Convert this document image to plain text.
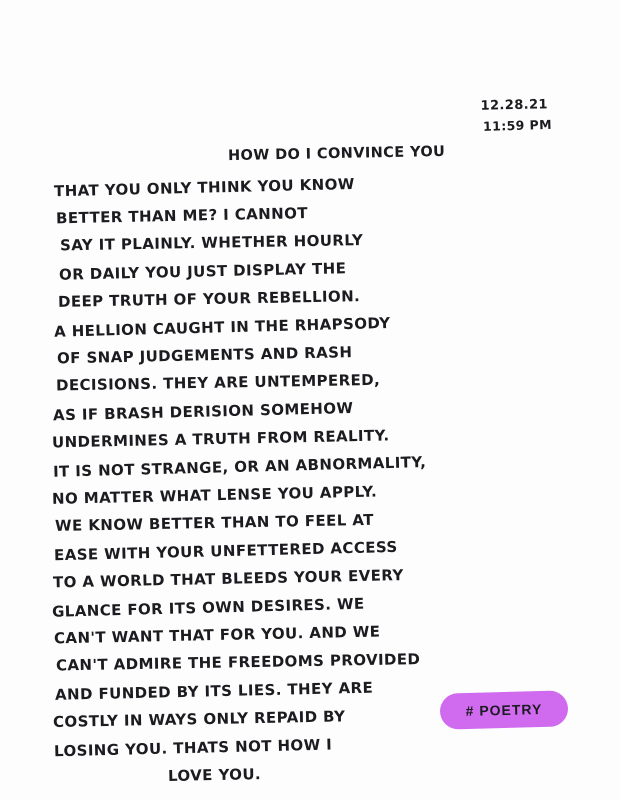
12.28.21
11:59 PM
HOW DO I CONVINCE YOU
THAT YOU ONLY THINK YOU KNOW
BETTER THAN ME? I CANNOT
SAY IT PLAINLY. WHETHER HOURLY
OR DAILY YOU JUST DISPLAY THE
DEEP TRUTH OF YOUR REBELLION.
A HELLION CAUGHT IN THE RHAPSODY
OF SNAP JUDGEMENTS AND RASH
DECISIONS. THEY ARE UNTEMPERED,
AS IF BRASH DERISION SOMEHOW
UNDERMINES A TRUTH FROM REALITY.
IT IS NOT STRANGE, OR AN ABNORMALITY,
NO MATTER WHAT LENSE YOU APPLY.
WE KNOW BETTER THAN TO FEEL AT
EASE WITH YOUR UNFETTERED ACCESS
TO A WORLD THAT BLEEDS YOUR EVERY
GLANCE FOR ITS OWN DESIRES. WE
CAN'T WANT THAT FOR YOU. AND WE
CAN'T ADMIRE THE FREEDOMS PROVIDED
AND FUNDED BY ITS LIES. THEY ARE
COSTLY IN WAYS ONLY REPAID BY
LOSING YOU. THATS NOT HOW I
LOVE YOU.
# POETRY
